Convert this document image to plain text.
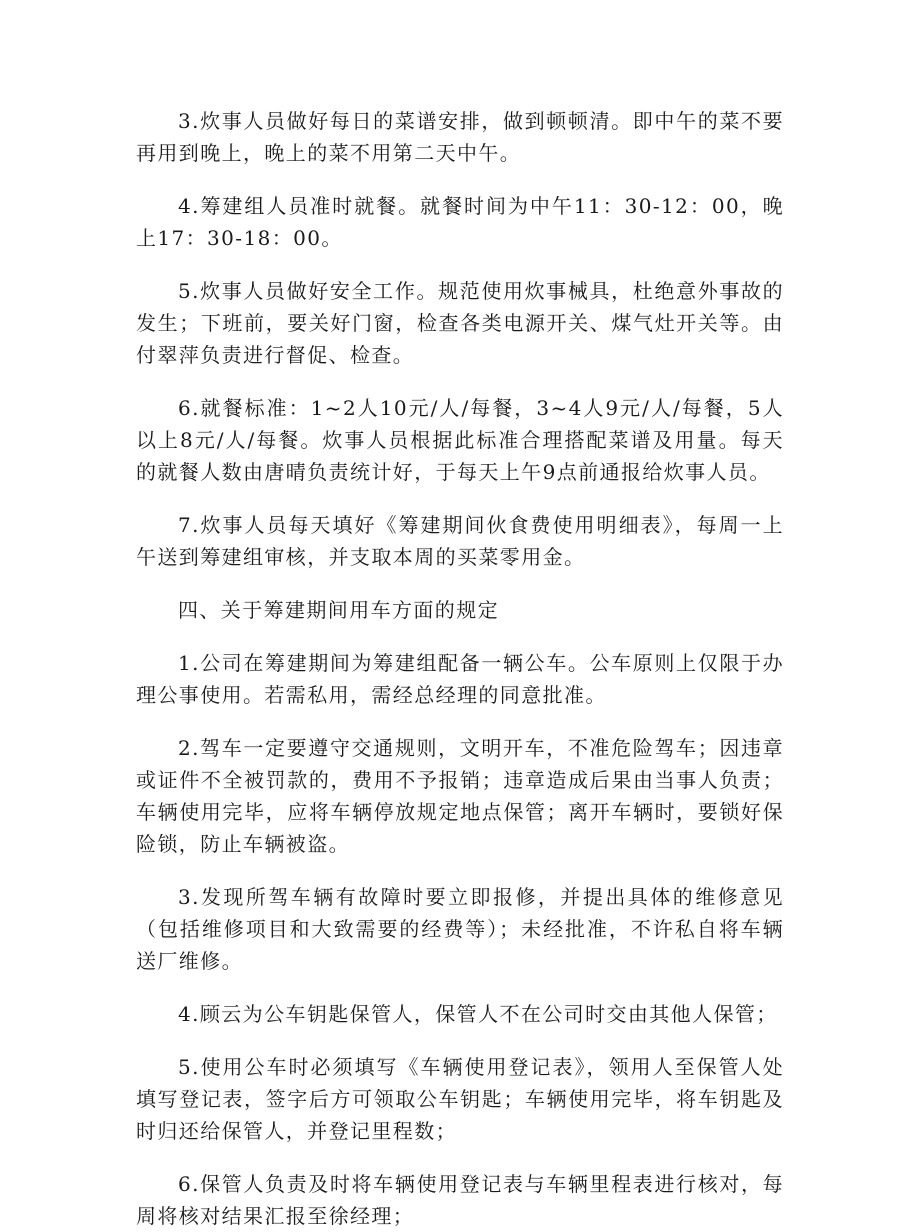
3.炊事人员做好每日的菜谱安排，做到顿顿清。即中午的菜不要再用到晚上，晚上的菜不用第二天中午。

4.筹建组人员准时就餐。就餐时间为中午11：30-12：00，晚上17：30-18：00。

5.炊事人员做好安全工作。规范使用炊事械具，杜绝意外事故的发生；下班前，要关好门窗，检查各类电源开关、煤气灶开关等。由付翠萍负责进行督促、检查。

6.就餐标准：1~2人10元/人/每餐，3~4人9元/人/每餐，5人以上8元/人/每餐。炊事人员根据此标准合理搭配菜谱及用量。每天的就餐人数由唐晴负责统计好，于每天上午9点前通报给炊事人员。

7.炊事人员每天填好《筹建期间伙食费使用明细表》，每周一上午送到筹建组审核，并支取本周的买菜零用金。

四、关于筹建期间用车方面的规定

1.公司在筹建期间为筹建组配备一辆公车。公车原则上仅限于办理公事使用。若需私用，需经总经理的同意批准。

2.驾车一定要遵守交通规则，文明开车，不准危险驾车；因违章或证件不全被罚款的，费用不予报销；违章造成后果由当事人负责；车辆使用完毕，应将车辆停放规定地点保管；离开车辆时，要锁好保险锁，防止车辆被盗。

3.发现所驾车辆有故障时要立即报修，并提出具体的维修意见（包括维修项目和大致需要的经费等）；未经批准，不许私自将车辆送厂维修。

4.顾云为公车钥匙保管人，保管人不在公司时交由其他人保管；

5.使用公车时必须填写《车辆使用登记表》，领用人至保管人处填写登记表，签字后方可领取公车钥匙；车辆使用完毕，将车钥匙及时归还给保管人，并登记里程数；

6.保管人负责及时将车辆使用登记表与车辆里程表进行核对，每周将核对结果汇报至徐经理；
